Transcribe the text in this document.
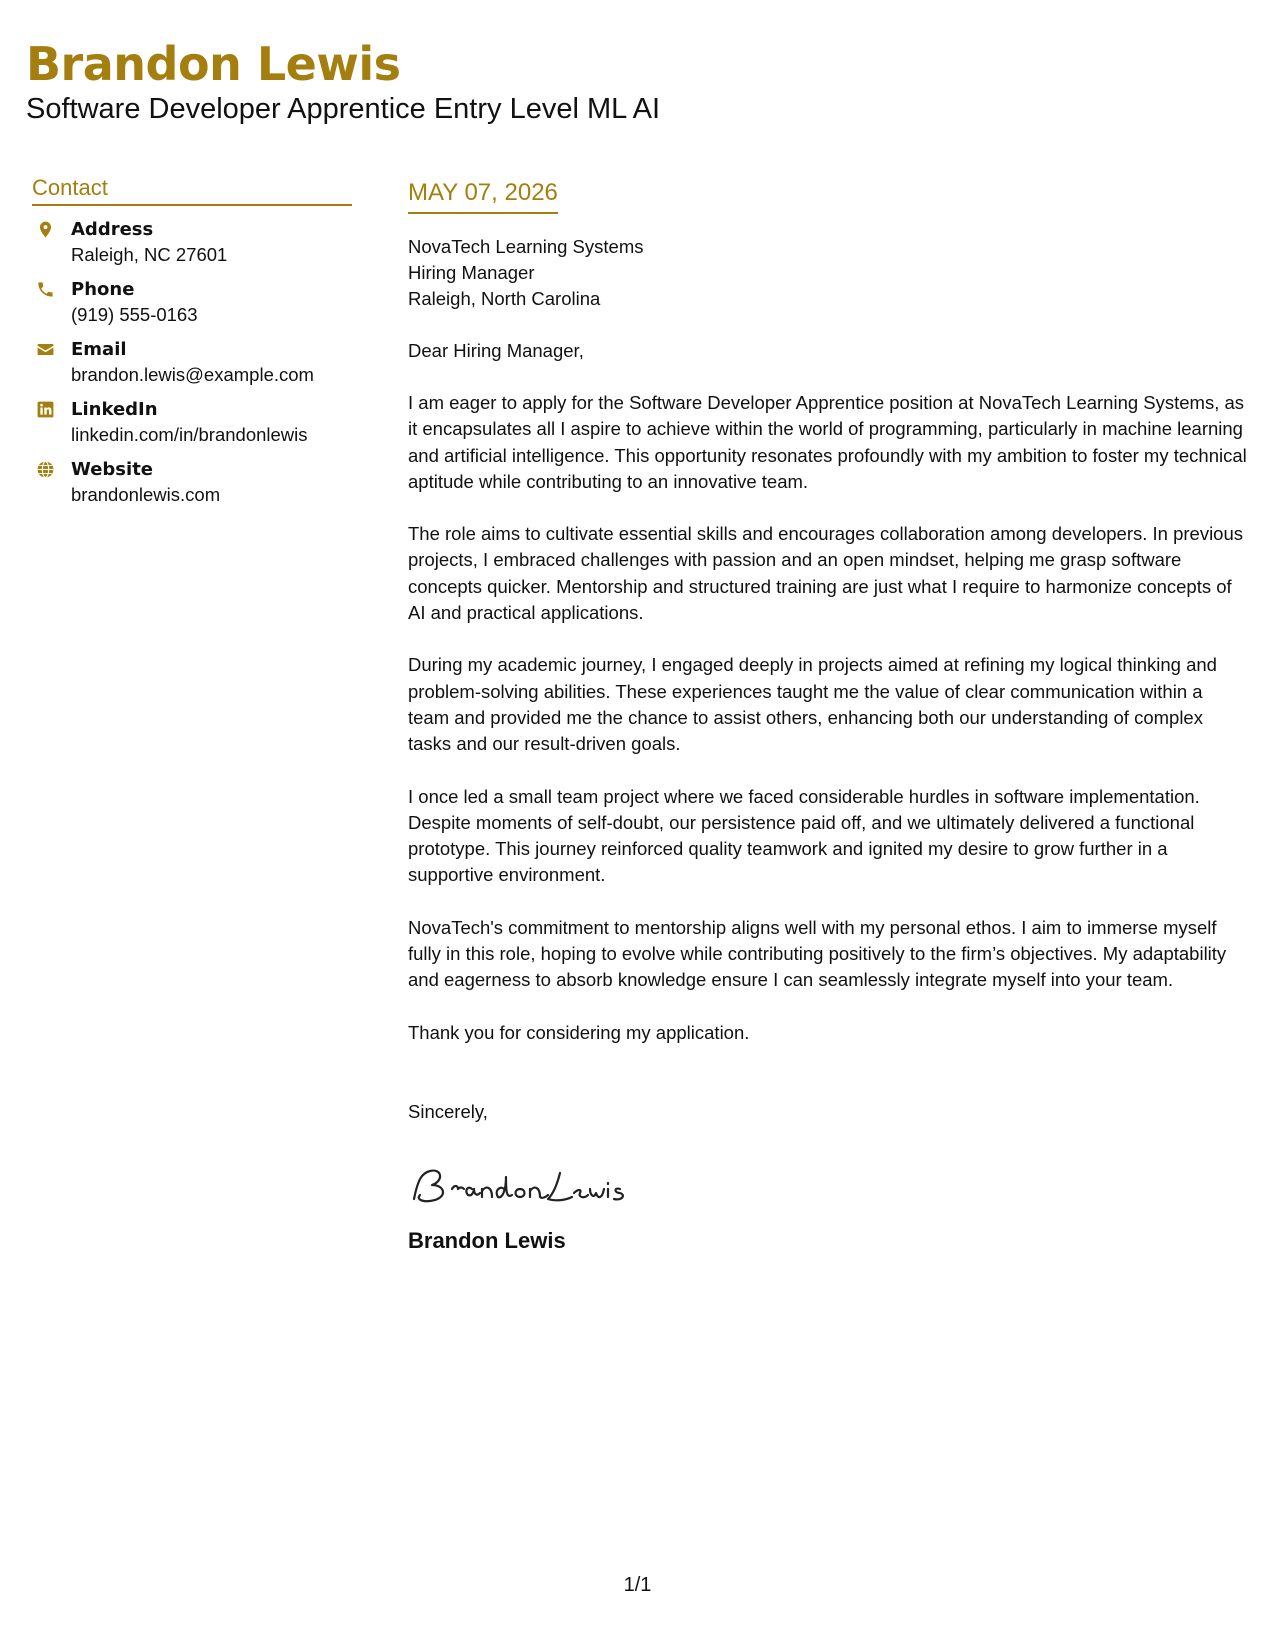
Brandon Lewis
Software Developer Apprentice Entry Level ML AI
Contact
Address
Raleigh, NC 27601
Phone
(919) 555-0163
Email
brandon.lewis@example.com
LinkedIn
linkedin.com/in/brandonlewis
Website
brandonlewis.com
MAY 07, 2026
NovaTech Learning Systems
Hiring Manager
Raleigh, North Carolina
Dear Hiring Manager,
I am eager to apply for the Software Developer Apprentice position at NovaTech Learning Systems, as it encapsulates all I aspire to achieve within the world of programming, particularly in machine learning and artificial intelligence. This opportunity resonates profoundly with my ambition to foster my technical aptitude while contributing to an innovative team.
The role aims to cultivate essential skills and encourages collaboration among developers. In previous projects, I embraced challenges with passion and an open mindset, helping me grasp software concepts quicker. Mentorship and structured training are just what I require to harmonize concepts of AI and practical applications.
During my academic journey, I engaged deeply in projects aimed at refining my logical thinking and problem-solving abilities. These experiences taught me the value of clear communication within a team and provided me the chance to assist others, enhancing both our understanding of complex tasks and our result-driven goals.
I once led a small team project where we faced considerable hurdles in software implementation. Despite moments of self-doubt, our persistence paid off, and we ultimately delivered a functional prototype. This journey reinforced quality teamwork and ignited my desire to grow further in a supportive environment.
NovaTech's commitment to mentorship aligns well with my personal ethos. I aim to immerse myself fully in this role, hoping to evolve while contributing positively to the firm’s objectives. My adaptability and eagerness to absorb knowledge ensure I can seamlessly integrate myself into your team.
Thank you for considering my application.
Sincerely,
Brandon Lewis
1/1
